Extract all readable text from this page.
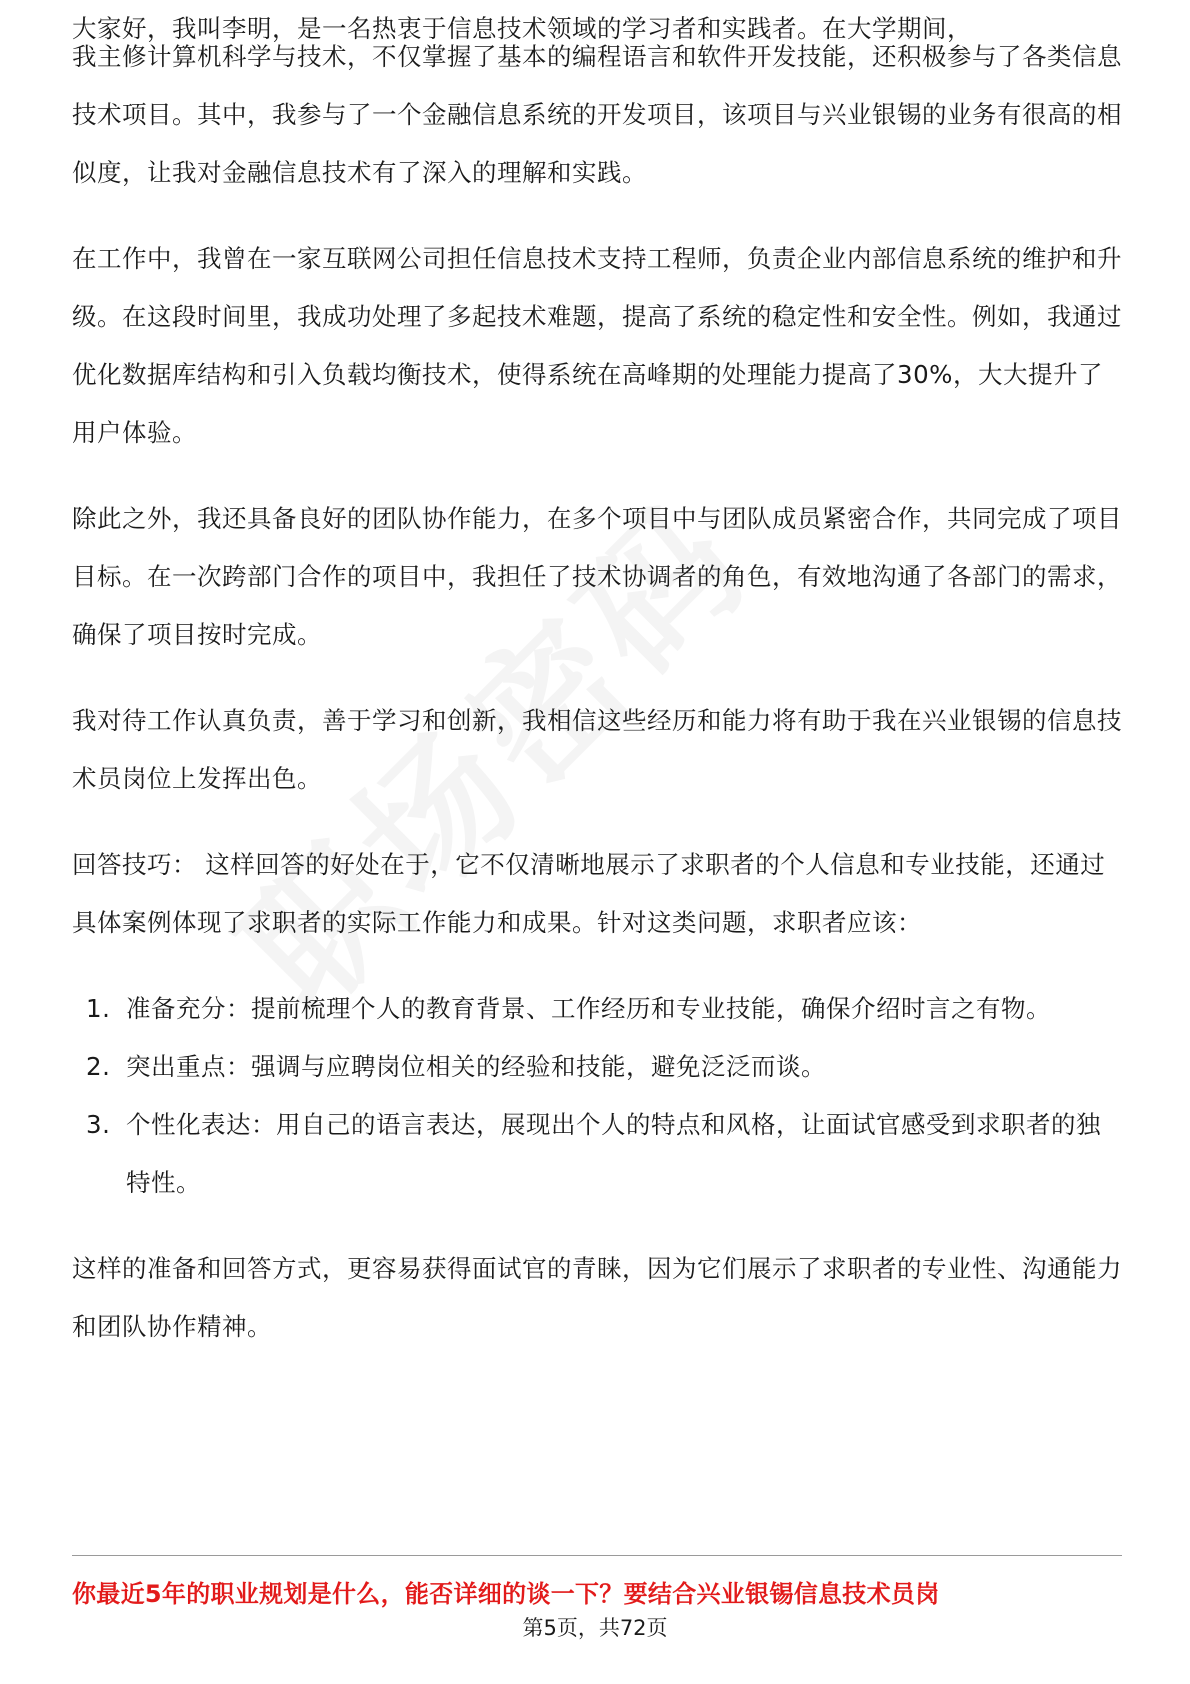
大家好，我叫李明，是一名热衷于信息技术领域的学习者和实践者。在大学期间，

我主修计算机科学与技术，不仅掌握了基本的编程语言和软件开发技能，还积极参与了各类信息技术项目。其中，我参与了一个金融信息系统的开发项目，该项目与兴业银锡的业务有很高的相似度，让我对金融信息技术有了深入的理解和实践。

在工作中，我曾在一家互联网公司担任信息技术支持工程师，负责企业内部信息系统的维护和升级。在这段时间里，我成功处理了多起技术难题，提高了系统的稳定性和安全性。例如，我通过优化数据库结构和引入负载均衡技术，使得系统在高峰期的处理能力提高了30%，大大提升了用户体验。

除此之外，我还具备良好的团队协作能力，在多个项目中与团队成员紧密合作，共同完成了项目目标。在一次跨部门合作的项目中，我担任了技术协调者的角色，有效地沟通了各部门的需求，确保了项目按时完成。

我对待工作认真负责，善于学习和创新，我相信这些经历和能力将有助于我在兴业银锡的信息技术员岗位上发挥出色。

回答技巧： 这样回答的好处在于，它不仅清晰地展示了求职者的个人信息和专业技能，还通过具体案例体现了求职者的实际工作能力和成果。针对这类问题，求职者应该：

1. 准备充分：提前梳理个人的教育背景、工作经历和专业技能，确保介绍时言之有物。
2. 突出重点：强调与应聘岗位相关的经验和技能，避免泛泛而谈。
3. 个性化表达：用自己的语言表达，展现出个人的特点和风格，让面试官感受到求职者的独特性。

这样的准备和回答方式，更容易获得面试官的青睐，因为它们展示了求职者的专业性、沟通能力和团队协作精神。

你最近5年的职业规划是什么，能否详细的谈一下？要结合兴业银锡信息技术员岗
第5页，共72页
